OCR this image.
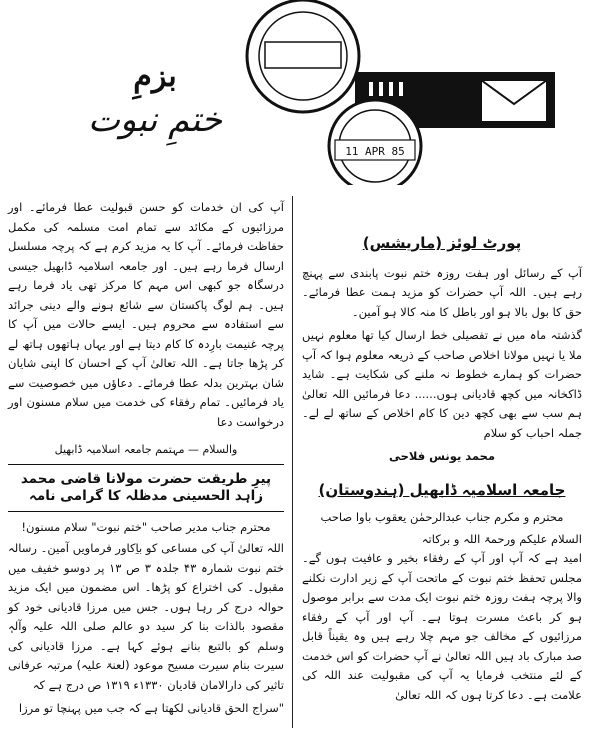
بزمِ
ختمِ نبوت
11 APR 85
پورٹ لوئز (ماریشس)

آپ کے رسائل اور ہفت روزہ ختم نبوت پابندی سے پہنچ رہے ہیں۔ اللہ آپ حضرات کو مزید ہمت عطا فرمائے۔ حق کا بول بالا ہو اور باطل کا منہ کالا ہو آمین۔

گذشتہ ماہ میں نے تفصیلی خط ارسال کیا تھا معلوم نہیں ملا یا نہیں مولانا اخلاص صاحب کے ذریعہ معلوم ہوا کہ آپ حضرات کو ہمارے خطوط نہ ملنے کی شکایت ہے۔ شاید ڈاکخانہ میں کچھ قادیانی ہوں...... دعا فرمائیں اللہ تعالیٰ ہم سب سے بھی کچھ دین کا کام اخلاص کے ساتھ لے لے۔ جملہ احباب کو سلام

محمد یونس فلاحی

جامعہ اسلامیہ ڈابھیل (ہندوستان)

محترم و مکرم جناب عبدالرحمٰن یعقوب باوا صاحب

السلام علیکم ورحمۃ اللہ و برکاتہ

امید ہے کہ آپ اور آپ کے رفقاء بخیر و عافیت ہوں گے۔ مجلس تحفظ ختم نبوت کے ماتحت آپ کے زیر ادارت نکلنے والا پرچہ ہفت روزہ ختم نبوت ایک مدت سے برابر موصول ہو کر باعث مسرت ہوتا ہے۔ آپ اور آپ کے رفقاء مرزائیوں کے مخالف جو مہم چلا رہے ہیں وہ یقیناً قابل صد مبارک باد ہیں اللہ تعالیٰ نے آپ حضرات کو اس خدمت کے لئے منتخب فرمایا یہ آپ کی مقبولیت عند اللہ کی علامت ہے۔ دعا کرتا ہوں کہ اللہ تعالیٰ

آپ کی ان خدمات کو حسن قبولیت عطا فرمائے۔ اور مرزائیوں کے مکائد سے تمام امت مسلمہ کی مکمل حفاظت فرمائے۔ آپ کا یہ مزید کرم ہے کہ پرچہ مسلسل ارسال فرما رہے ہیں۔ اور جامعہ اسلامیہ ڈابھیل جیسی درسگاہ جو کبھی اس مہم کا مرکز تھی یاد فرما رہے ہیں۔ ہم لوگ پاکستان سے شائع ہونے والے دینی جرائد سے استفادہ سے محروم ہیں۔ ایسے حالات میں آپ کا پرچہ غنیمت بارِدہ کا کام دیتا ہے اور یہاں ہاتھوں ہاتھ لے کر پڑھا جاتا ہے۔ اللہ تعالیٰ آپ کے احسان کا اپنی شایان شان بہترین بدلہ عطا فرمائے۔ دعاؤں میں خصوصیت سے یاد فرمائیں۔ تمام رفقاء کی خدمت میں سلام مسنون اور درخواست دعا

والسلام — مہتمم جامعہ اسلامیہ ڈابھیل

پیرِ طریقت حضرت مولانا قاضی محمد زاہد الحسینی مدظلہ کا گرامی نامہ

محترم جناب مدیر صاحب "ختم نبوت" سلام مسنون!

اللہ تعالیٰ آپ کی مساعی کو باِکاور فرماویں آمین۔ رسالہ ختم نبوت شمارہ ۴۳ جلدہ ۳ ص ۱۳ پر دوسو خفیف میں مقبول۔ کی اختراع کو پڑھا۔ اس مضمون میں ایک مزید حوالہ درج کر رہا ہوں۔ جس میں مرزا قادیانی خود کو مقصود بالذات بنا کر سید دو عالم صلی اللہ علیہ وآلہٖ وسلم کو بالتبع بنانے ہوئے کہا ہے۔ مرزا قادیانی کی سیرت بنام سیرت مسیح موعود (لعنۃ علیہ) مرتبہ عرفانی تاثیر کی دارالامان قادیان ۱۳۳۰ء ۱۳۱۹ ص درج ہے کہ

"سراج الحق قادیانی لکھتا ہے کہ جب میں پہنچا تو مرزا
